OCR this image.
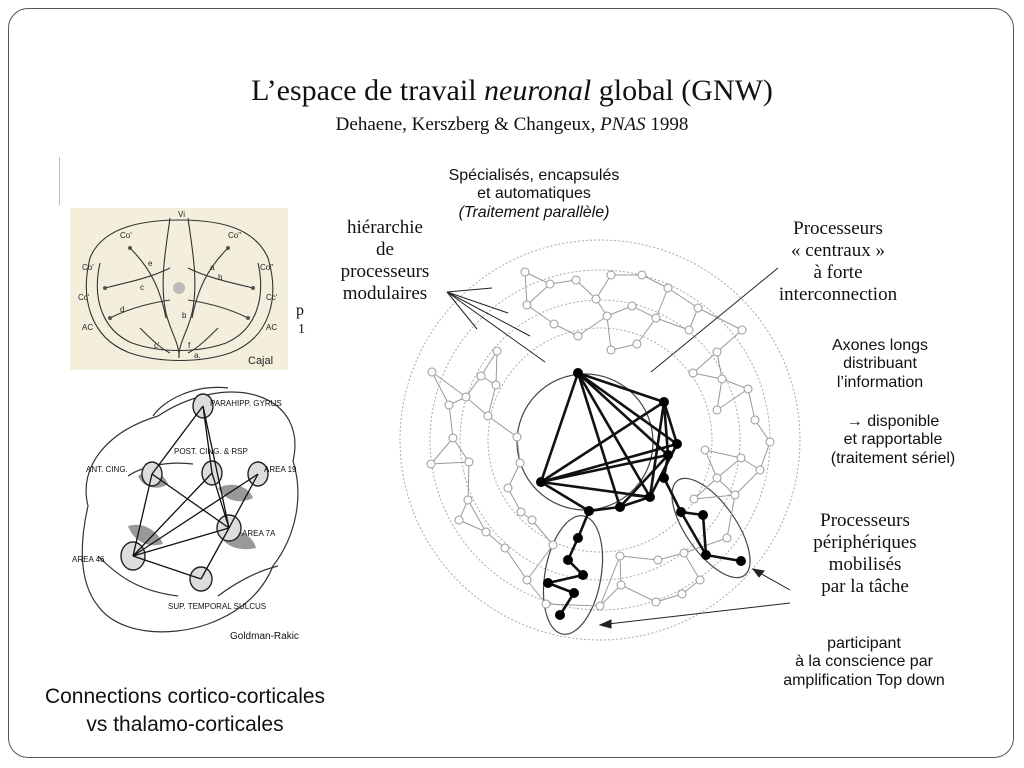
L’espace de travail neuronal global (GNW)
Dehaene, Kerszberg & Changeux, PNAS 1998
Spécialisés, encapsulés
et automatiques
(Traitement parallèle)
hiérarchie
de
processeurs
modulaires
Processeurs
« centraux »
à forte
interconnection
Axones longs
distribuant
l’information
→ disponible
et rapportable
(traitement sériel)
Processeurs
périphériques
mobilisés
par la tâche
participant
à la conscience par
amplification Top down
Connections cortico-corticales
vs thalamo-corticales
p
1
Co'	Co''
Co'	Co''
Cc'	Cc'
AC	AC
a
b
c
d
e
f
h
Vi
a.
c'
Cajal
PARAHIPP. GYRUS
POST. CING. & RSP
ANT. CING.	AREA 19
AREA 7A
AREA 46
SUP. TEMPORAL SULCUS
Goldman-Rakic
